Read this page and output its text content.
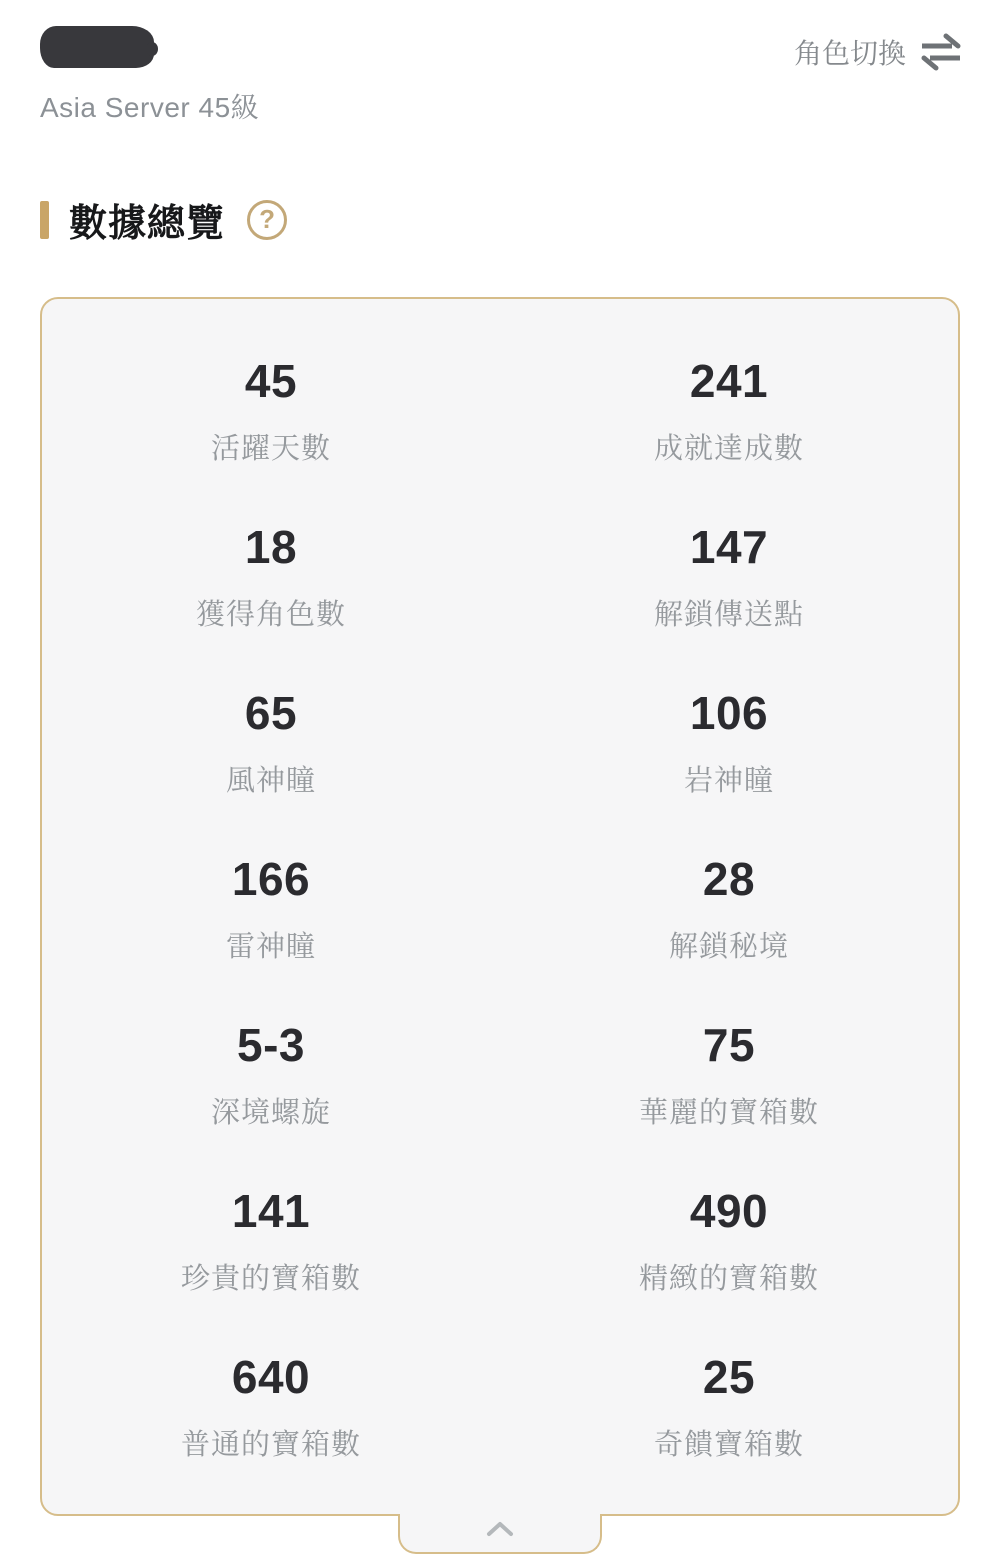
Asia Server 45級
角色切換
數據總覽 ?
45
活躍天數
241
成就達成數
18
獲得角色數
147
解鎖傳送點
65
風神瞳
106
岩神瞳
166
雷神瞳
28
解鎖秘境
5-3
深境螺旋
75
華麗的寶箱數
141
珍貴的寶箱數
490
精緻的寶箱數
640
普通的寶箱數
25
奇饋寶箱數
